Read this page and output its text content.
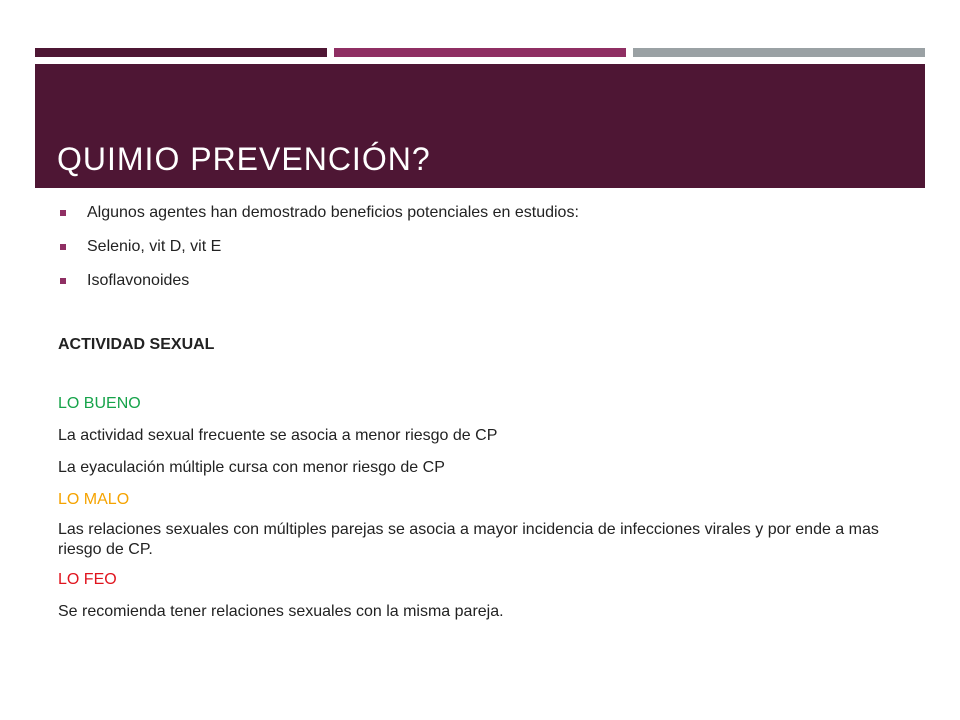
QUIMIO PREVENCIÓN?
Algunos agentes han demostrado beneficios potenciales en estudios:
Selenio, vit D, vit E
Isoflavonoides
ACTIVIDAD SEXUAL
LO BUENO
La actividad sexual frecuente se asocia a menor riesgo de CP
La eyaculación múltiple cursa con menor riesgo de CP
LO MALO
Las relaciones sexuales con múltiples parejas se asocia a mayor incidencia de infecciones virales y por ende a mas riesgo de CP.
LO FEO
Se recomienda tener relaciones sexuales con la misma pareja.
